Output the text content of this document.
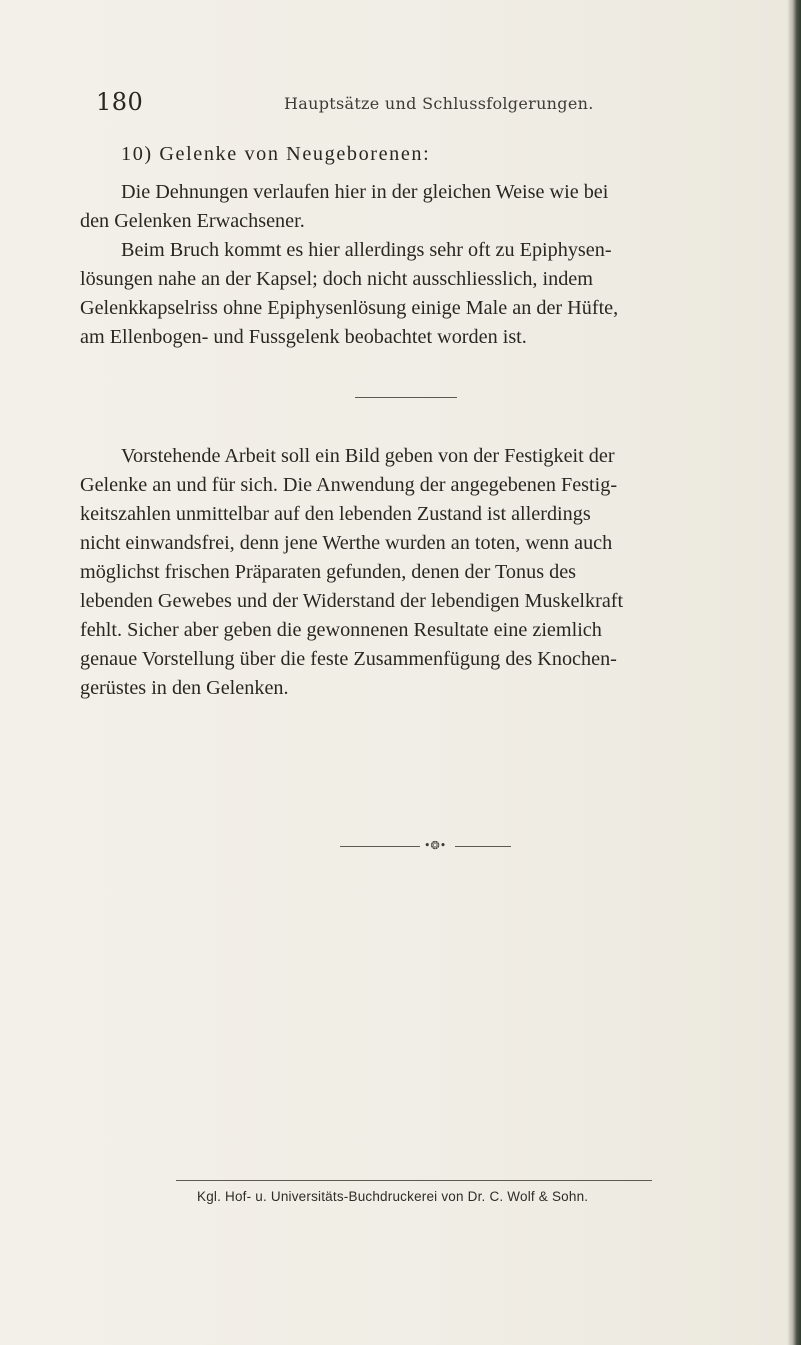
180	Hauptsätze und Schlussfolgerungen.
10) Gelenke von Neugeborenen:

Die Dehnungen verlaufen hier in der gleichen Weise wie bei
den Gelenken Erwachsener.

Beim Bruch kommt es hier allerdings sehr oft zu Epiphysen-
lösungen nahe an der Kapsel; doch nicht ausschliesslich, indem
Gelenkkapselriss ohne Epiphysenlösung einige Male an der Hüfte,
am Ellenbogen- und Fussgelenk beobachtet worden ist.

Vorstehende Arbeit soll ein Bild geben von der Festigkeit der
Gelenke an und für sich. Die Anwendung der angegebenen Festig-
keitszahlen unmittelbar auf den lebenden Zustand ist allerdings
nicht einwandsfrei, denn jene Werthe wurden an toten, wenn auch
möglichst frischen Präparaten gefunden, denen der Tonus des
lebenden Gewebes und der Widerstand der lebendigen Muskelkraft
fehlt. Sicher aber geben die gewonnenen Resultate eine ziemlich
genaue Vorstellung über die feste Zusammenfügung des Knochen-
gerüstes in den Gelenken.

•❂•
Kgl. Hof- u. Universitäts-Buchdruckerei von Dr. C. Wolf & Sohn.
